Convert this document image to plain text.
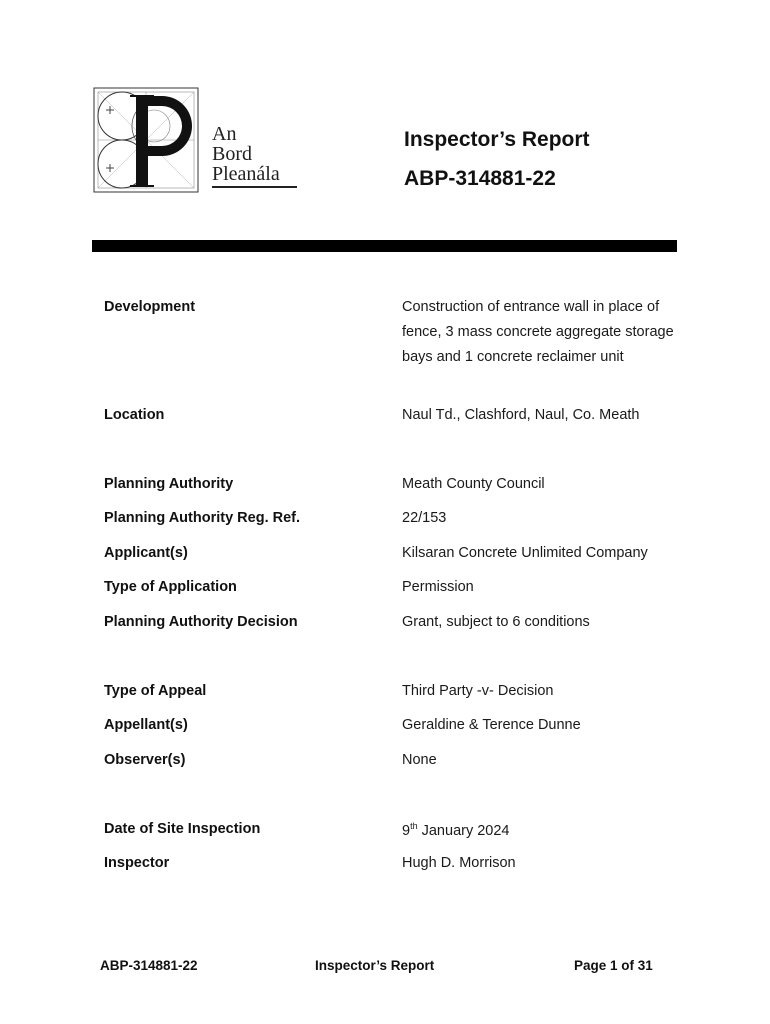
An
Bord
Pleanála
Inspector’s Report
ABP-314881-22
Development	Construction of entrance wall in place of fence, 3 mass concrete aggregate storage bays and 1 concrete reclaimer unit
Location	Naul Td., Clashford, Naul, Co. Meath
Planning Authority	Meath County Council
Planning Authority Reg. Ref.	22/153
Applicant(s)	Kilsaran Concrete Unlimited Company
Type of Application	Permission
Planning Authority Decision	Grant, subject to 6 conditions
Type of Appeal	Third Party -v- Decision
Appellant(s)	Geraldine & Terence Dunne
Observer(s)	None
Date of Site Inspection	9th January 2024
Inspector	Hugh D. Morrison
ABP-314881-22	Inspector’s Report	Page 1 of 31
